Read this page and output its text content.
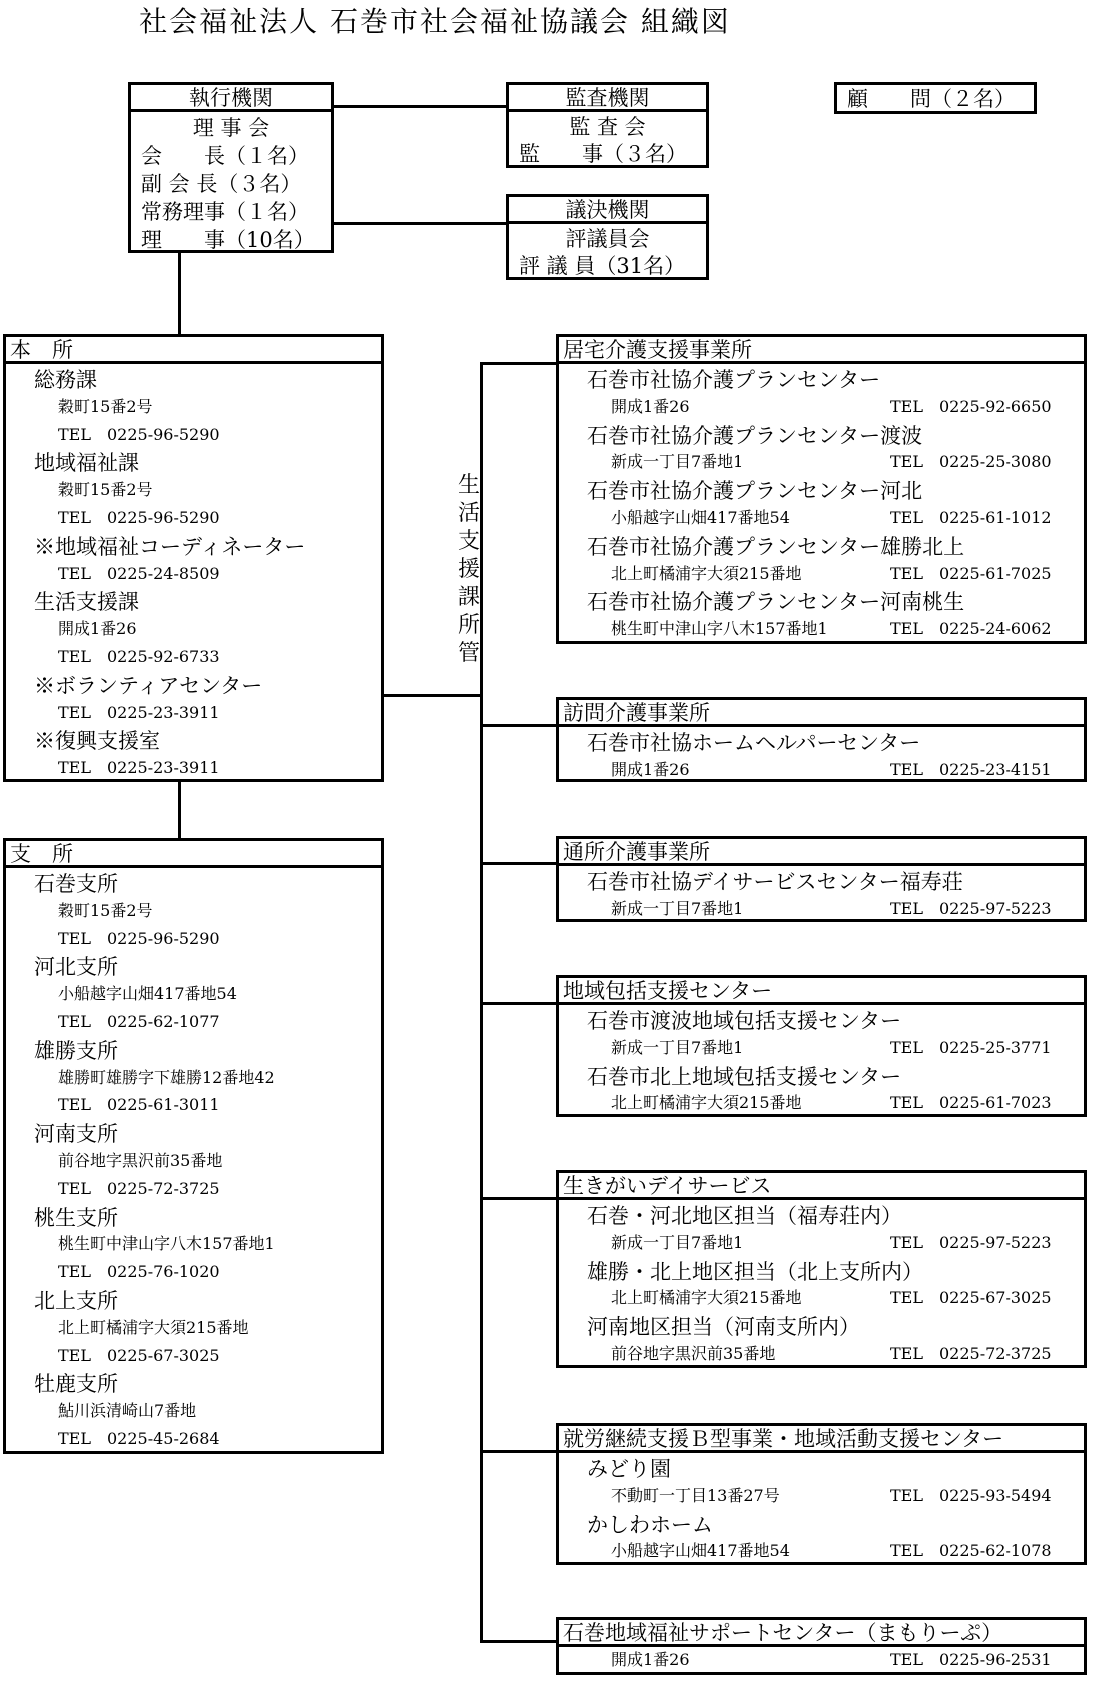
社会福祉法人 石巻市社会福祉協議会 組織図
生
活
支
援
課
所
管
執行機関
理 事 会
会　　長（１名）
副 会 長（３名）
常務理事（１名）
理　　事（10名）
監査機関
監 査 会
監　　事（３名）
議決機関
評議員会
評 議 員（31名）
顧　　問（２名）
本　所
総務課
穀町15番2号
TEL　0225-96-5290
地域福祉課
穀町15番2号
TEL　0225-96-5290
※地域福祉コーディネーター
TEL　0225-24-8509
生活支援課
開成1番26
TEL　0225-92-6733
※ボランティアセンター
TEL　0225-23-3911
※復興支援室
TEL　0225-23-3911
支　所
石巻支所
穀町15番2号
TEL　0225-96-5290
河北支所
小船越字山畑417番地54
TEL　0225-62-1077
雄勝支所
雄勝町雄勝字下雄勝12番地42
TEL　0225-61-3011
河南支所
前谷地字黒沢前35番地
TEL　0225-72-3725
桃生支所
桃生町中津山字八木157番地1
TEL　0225-76-1020
北上支所
北上町橘浦字大須215番地
TEL　0225-67-3025
牡鹿支所
鮎川浜清崎山7番地
TEL　0225-45-2684
居宅介護支援事業所
石巻市社協介護プランセンター
開成1番26	TEL　0225-92-6650
石巻市社協介護プランセンター渡波
新成一丁目7番地1	TEL　0225-25-3080
石巻市社協介護プランセンター河北
小船越字山畑417番地54	TEL　0225-61-1012
石巻市社協介護プランセンター雄勝北上
北上町橘浦字大須215番地	TEL　0225-61-7025
石巻市社協介護プランセンター河南桃生
桃生町中津山字八木157番地1	TEL　0225-24-6062
訪問介護事業所
石巻市社協ホームヘルパーセンター
開成1番26	TEL　0225-23-4151
通所介護事業所
石巻市社協デイサービスセンター福寿荘
新成一丁目7番地1	TEL　0225-97-5223
地域包括支援センター
石巻市渡波地域包括支援センター
新成一丁目7番地1	TEL　0225-25-3771
石巻市北上地域包括支援センター
北上町橘浦字大須215番地	TEL　0225-61-7023
生きがいデイサービス
石巻・河北地区担当（福寿荘内）
新成一丁目7番地1	TEL　0225-97-5223
雄勝・北上地区担当（北上支所内）
北上町橘浦字大須215番地	TEL　0225-67-3025
河南地区担当（河南支所内）
前谷地字黒沢前35番地	TEL　0225-72-3725
就労継続支援Ｂ型事業・地域活動支援センター
みどり園
不動町一丁目13番27号	TEL　0225-93-5494
かしわホーム
小船越字山畑417番地54	TEL　0225-62-1078
石巻地域福祉サポートセンター（まもりーぷ）
開成1番26	TEL　0225-96-2531
